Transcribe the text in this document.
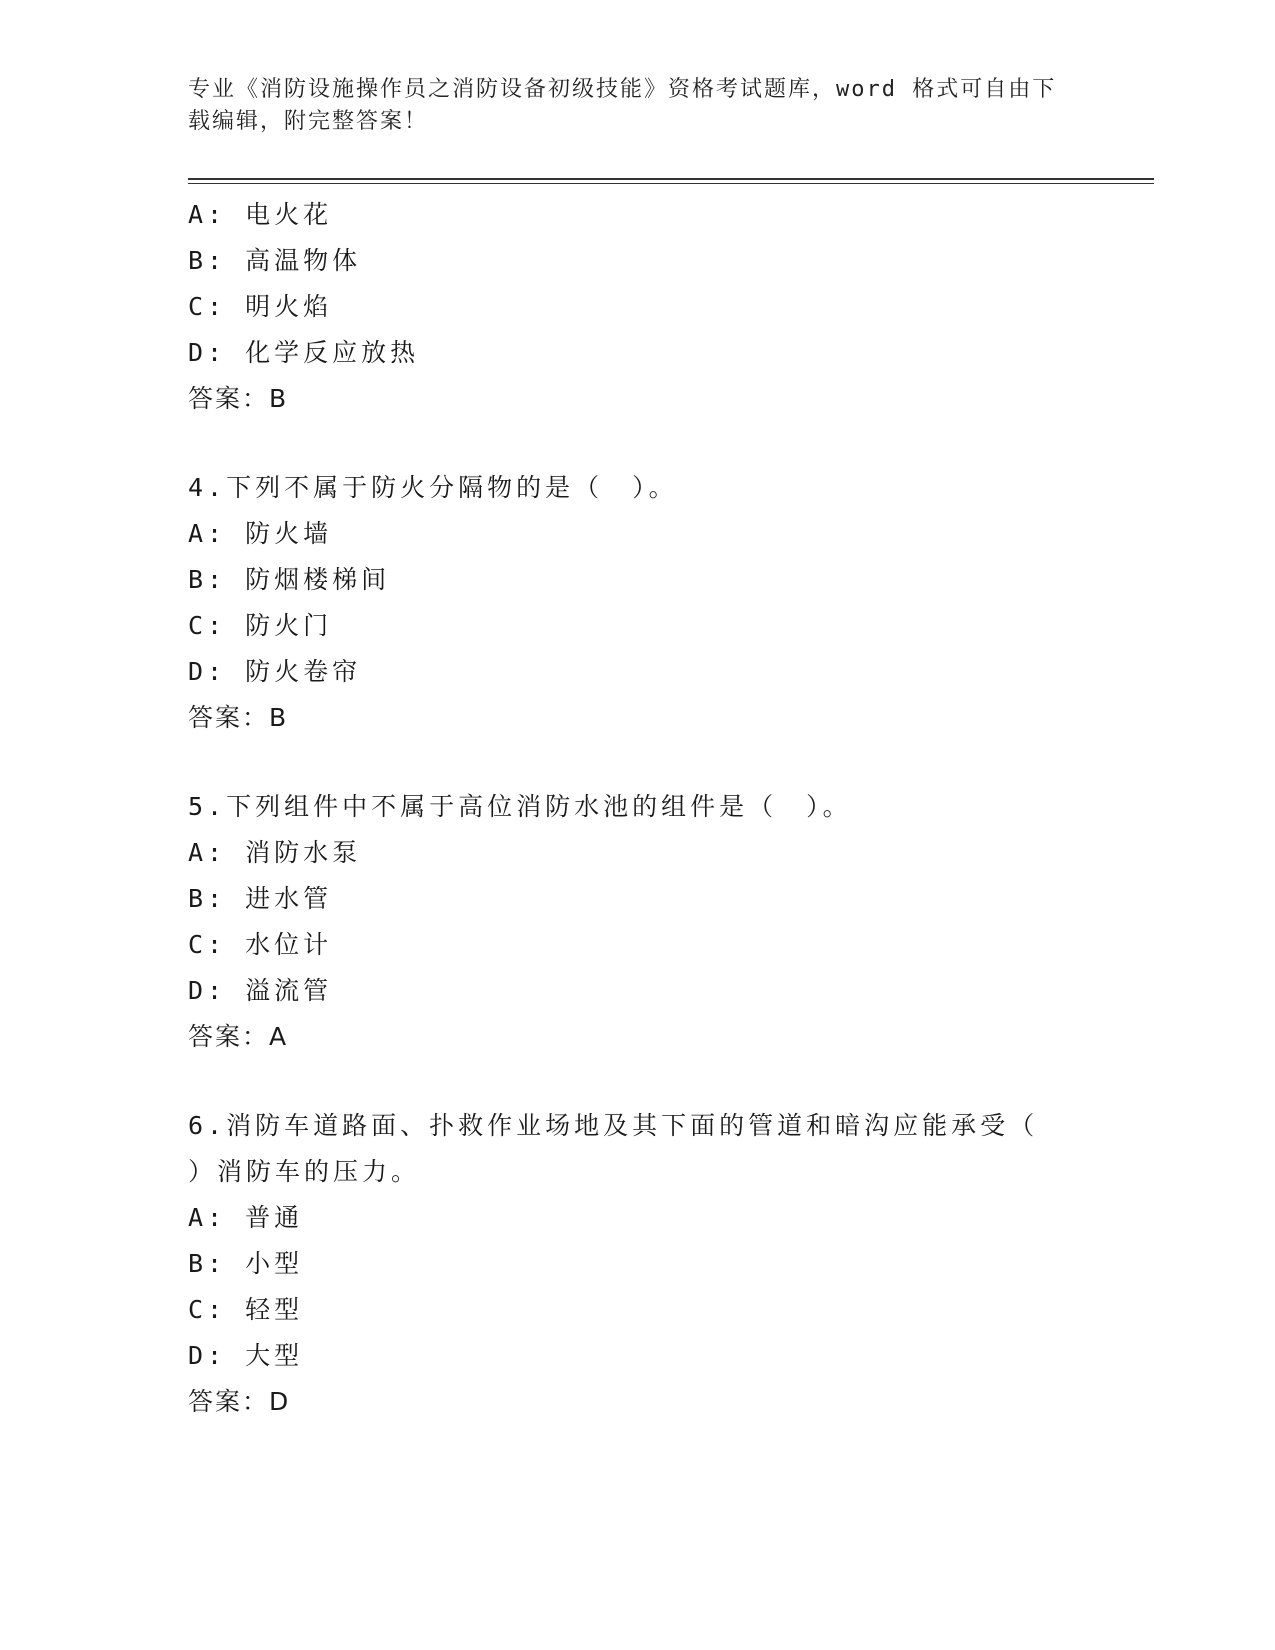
专业《消防设施操作员之消防设备初级技能》资格考试题库，word 格式可自由下
载编辑，附完整答案！
A: 电火花
B: 高温物体
C: 明火焰
D: 化学反应放热
答案：B
4.下列不属于防火分隔物的是（　）。
A: 防火墙
B: 防烟楼梯间
C: 防火门
D: 防火卷帘
答案：B
5.下列组件中不属于高位消防水池的组件是（　）。
A: 消防水泵
B: 进水管
C: 水位计
D: 溢流管
答案：A
6.消防车道路面、扑救作业场地及其下面的管道和暗沟应能承受（
）消防车的压力。
A: 普通
B: 小型
C: 轻型
D: 大型
答案：D
